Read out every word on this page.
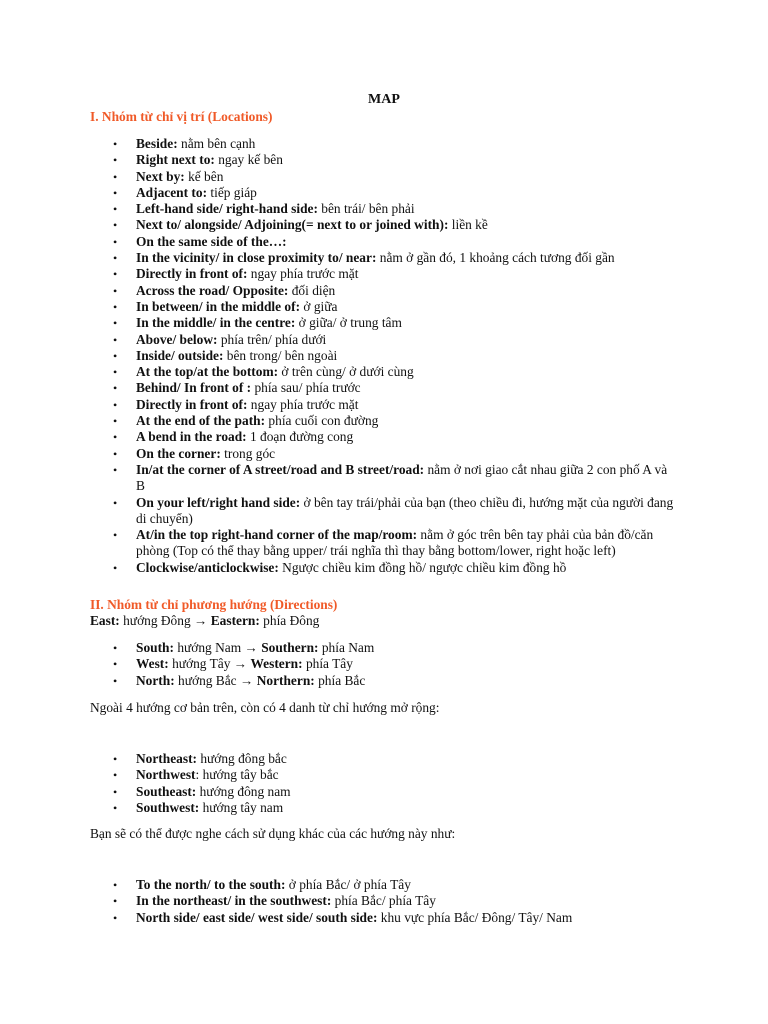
MAP
I. Nhóm từ chỉ vị trí (Locations)
• Beside: nằm bên cạnh
• Right next to: ngay kế bên
• Next by: kế bên
• Adjacent to: tiếp giáp
• Left-hand side/ right-hand side: bên trái/ bên phải
• Next to/ alongside/ Adjoining(= next to or joined with): liền kề
• On the same side of the…:
• In the vicinity/ in close proximity to/ near: nằm ở gần đó, 1 khoảng cách tương đối gần
• Directly in front of: ngay phía trước mặt
• Across the road/ Opposite: đối diện
• In between/ in the middle of: ở giữa
• In the middle/ in the centre: ở giữa/ ở trung tâm
• Above/ below: phía trên/ phía dưới
• Inside/ outside: bên trong/ bên ngoài
• At the top/at the bottom: ở trên cùng/ ở dưới cùng
• Behind/ In front of : phía sau/ phía trước
• Directly in front of: ngay phía trước mặt
• At the end of the path: phía cuối con đường
• A bend in the road: 1 đoạn đường cong
• On the corner: trong góc
• In/at the corner of A street/road and B street/road: nằm ở nơi giao cắt nhau giữa 2 con phố A và B
• On your left/right hand side: ở bên tay trái/phải của bạn (theo chiều đi, hướng mặt của người đang di chuyển)
• At/in the top right-hand corner of the map/room: nằm ở góc trên bên tay phải của bản đồ/căn phòng (Top có thể thay bằng upper/ trái nghĩa thì thay bằng bottom/lower, right hoặc left)
• Clockwise/anticlockwise: Ngược chiều kim đồng hồ/ ngược chiều kim đồng hồ
II. Nhóm từ chỉ phương hướng (Directions)
East: hướng Đông → Eastern: phía Đông
• South: hướng Nam → Southern: phía Nam
• West: hướng Tây → Western: phía Tây
• North: hướng Bắc → Northern: phía Bắc
Ngoài 4 hướng cơ bản trên, còn có 4 danh từ chỉ hướng mở rộng:
• Northeast: hướng đông bắc
• Northwest: hướng tây bắc
• Southeast: hướng đông nam
• Southwest: hướng tây nam
Bạn sẽ có thể được nghe cách sử dụng khác của các hướng này như:
• To the north/ to the south: ở phía Bắc/ ở phía Tây
• In the northeast/ in the southwest: phía Bắc/ phía Tây
• North side/ east side/ west side/ south side: khu vực phía Bắc/ Đông/ Tây/ Nam
